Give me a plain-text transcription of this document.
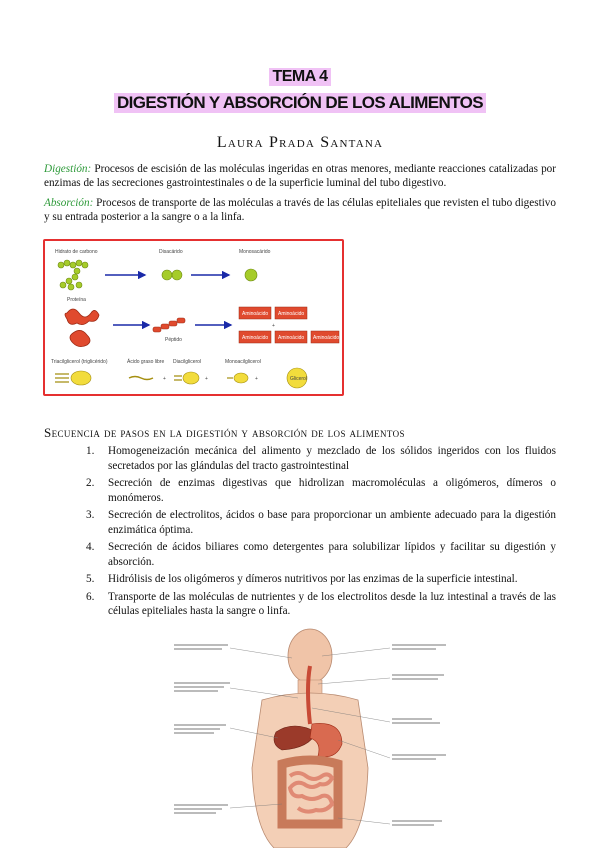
TEMA 4
DIGESTIÓN Y ABSORCIÓN DE LOS ALIMENTOS
Laura Prada Santana
Digestión: Procesos de escisión de las moléculas ingeridas en otras menores, mediante reacciones catalizadas por enzimas de las secreciones gastrointestinales o de la superficie luminal del tubo digestivo.
Absorción: Procesos de transporte de las moléculas a través de las células epiteliales que revisten el tubo digestivo y su entrada posterior a la sangre o a la linfa.
Hidrato de carbono	Disacárido	Monosacárido
Proteína
Péptido
Aminoácido Aminoácido
+
Aminoácido Aminoácido Aminoácido
Triacilglicerol (triglicérido)	Ácido graso libre
+
Diacilglicerol
+
Monoacilglicerol
+	Glicerol
Secuencia de pasos en la digestión y absorción de los alimentos
1. Homogeneización mecánica del alimento y mezclado de los sólidos ingeridos con los fluidos secretados por las glándulas del tracto gastrointestinal
2. Secreción de enzimas digestivas que hidrolizan macromoléculas a oligómeros, dímeros o monómeros.
3. Secreción de electrolitos, ácidos o base para proporcionar un ambiente adecuado para la digestión enzimática óptima.
4. Secreción de ácidos biliares como detergentes para solubilizar lípidos y facilitar su digestión y absorción.
5. Hidrólisis de los oligómeros y dímeros nutritivos por las enzimas de la superficie intestinal.
6. Transporte de las moléculas de nutrientes y de los electrolitos desde la luz intestinal a través de las células epiteliales hasta la sangre o linfa.
